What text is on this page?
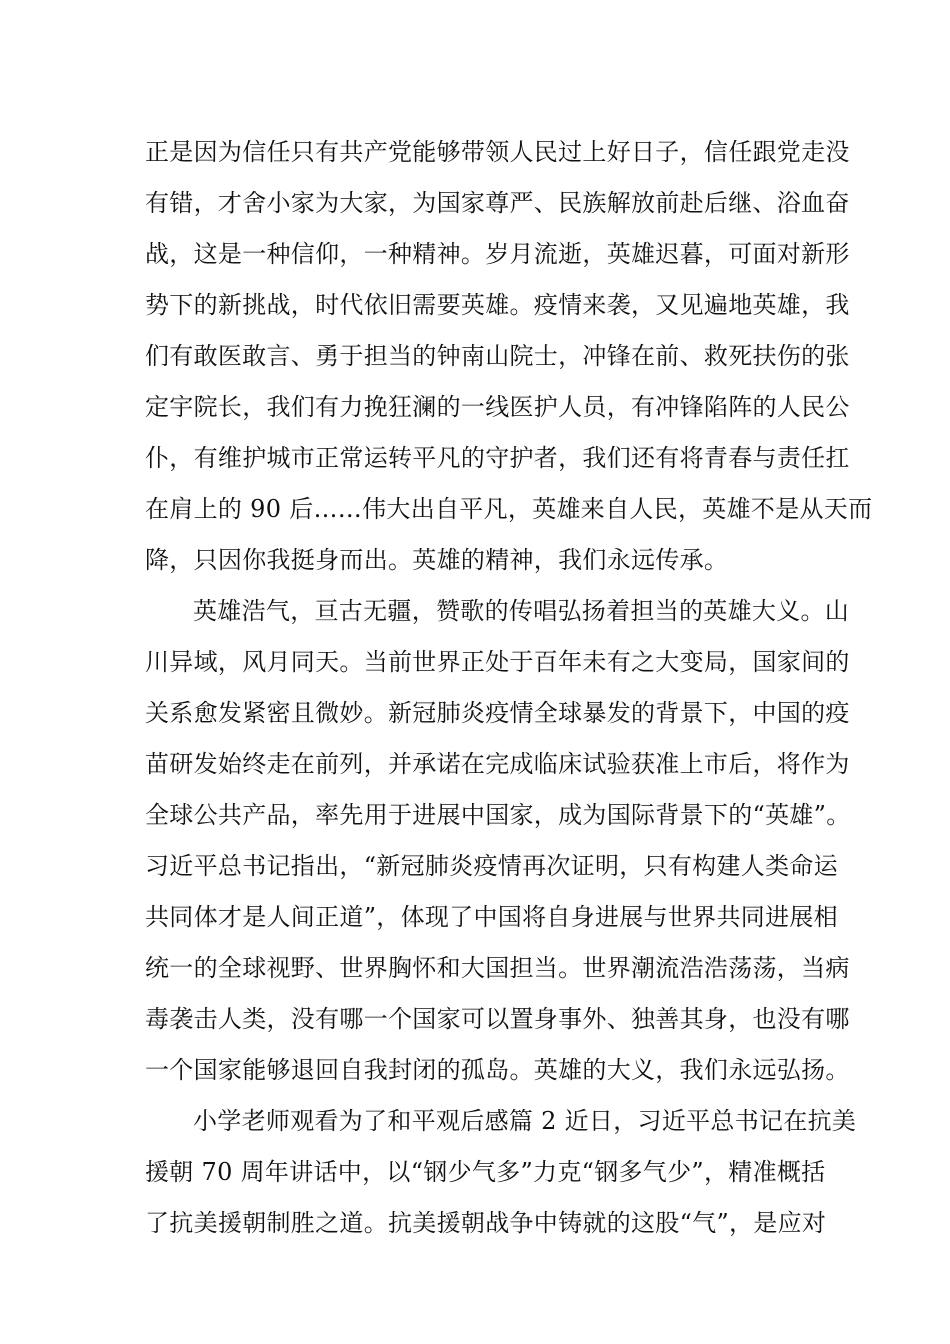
正是因为信任只有共产党能够带领人民过上好日子，信任跟党走没
有错，才舍小家为大家，为国家尊严、民族解放前赴后继、浴血奋
战，这是一种信仰，一种精神。岁月流逝，英雄迟暮，可面对新形
势下的新挑战，时代依旧需要英雄。疫情来袭，又见遍地英雄，我
们有敢医敢言、勇于担当的钟南山院士，冲锋在前、救死扶伤的张
定宇院长，我们有力挽狂澜的一线医护人员，有冲锋陷阵的人民公
仆，有维护城市正常运转平凡的守护者，我们还有将青春与责任扛
在肩上的 90 后……伟大出自平凡，英雄来自人民，英雄不是从天而
降，只因你我挺身而出。英雄的精神，我们永远传承。
英雄浩气，亘古无疆，赞歌的传唱弘扬着担当的英雄大义。山
川异域，风月同天。当前世界正处于百年未有之大变局，国家间的
关系愈发紧密且微妙。新冠肺炎疫情全球暴发的背景下，中国的疫
苗研发始终走在前列，并承诺在完成临床试验获准上市后，将作为
全球公共产品，率先用于进展中国家，成为国际背景下的“英雄”。
习近平总书记指出，“新冠肺炎疫情再次证明，只有构建人类命运
共同体才是人间正道”，体现了中国将自身进展与世界共同进展相
统一的全球视野、世界胸怀和大国担当。世界潮流浩浩荡荡，当病
毒袭击人类，没有哪一个国家可以置身事外、独善其身，也没有哪
一个国家能够退回自我封闭的孤岛。英雄的大义，我们永远弘扬。
小学老师观看为了和平观后感篇 2 近日，习近平总书记在抗美
援朝 70 周年讲话中，以“钢少气多”力克“钢多气少”，精准概括
了抗美援朝制胜之道。抗美援朝战争中铸就的这股“气”，是应对
